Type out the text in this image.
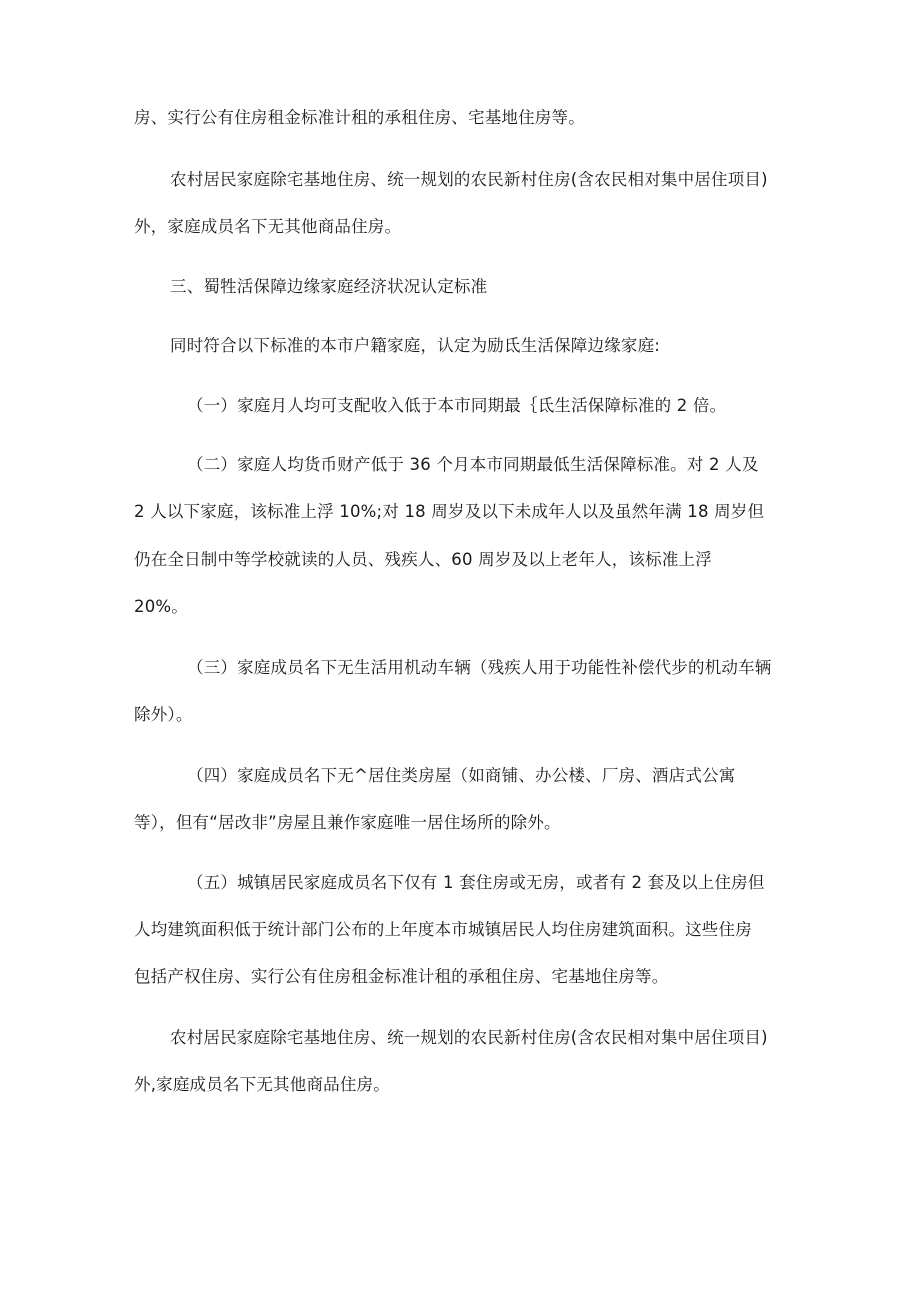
房、实行公有住房租金标准计租的承租住房、宅基地住房等。
农村居民家庭除宅基地住房、统一规划的农民新村住房(含农民相对集中居住项目)
外，家庭成员名下无其他商品住房。
三、蜀牲活保障边缘家庭经济状况认定标准
同时符合以下标准的本市户籍家庭，认定为励氐生活保障边缘家庭:
（一）家庭月人均可支配收入低于本市同期最｛氐生活保障标准的 2 倍。
（二）家庭人均货币财产低于 36 个月本市同期最低生活保障标准。对 2 人及
2 人以下家庭，该标准上浮 10%;对 18 周岁及以下未成年人以及虽然年满 18 周岁但
仍在全日制中等学校就读的人员、残疾人、60 周岁及以上老年人，该标准上浮
20%。
（三）家庭成员名下无生活用机动车辆（残疾人用于功能性补偿代步的机动车辆
除外）。
（四）家庭成员名下无^居住类房屋（如商铺、办公楼、厂房、酒店式公寓
等），但有“居改非”房屋且兼作家庭唯一居住场所的除外。
（五）城镇居民家庭成员名下仅有 1 套住房或无房，或者有 2 套及以上住房但
人均建筑面积低于统计部门公布的上年度本市城镇居民人均住房建筑面积。这些住房
包括产权住房、实行公有住房租金标准计租的承租住房、宅基地住房等。
农村居民家庭除宅基地住房、统一规划的农民新村住房(含农民相对集中居住项目)
外,家庭成员名下无其他商品住房。
